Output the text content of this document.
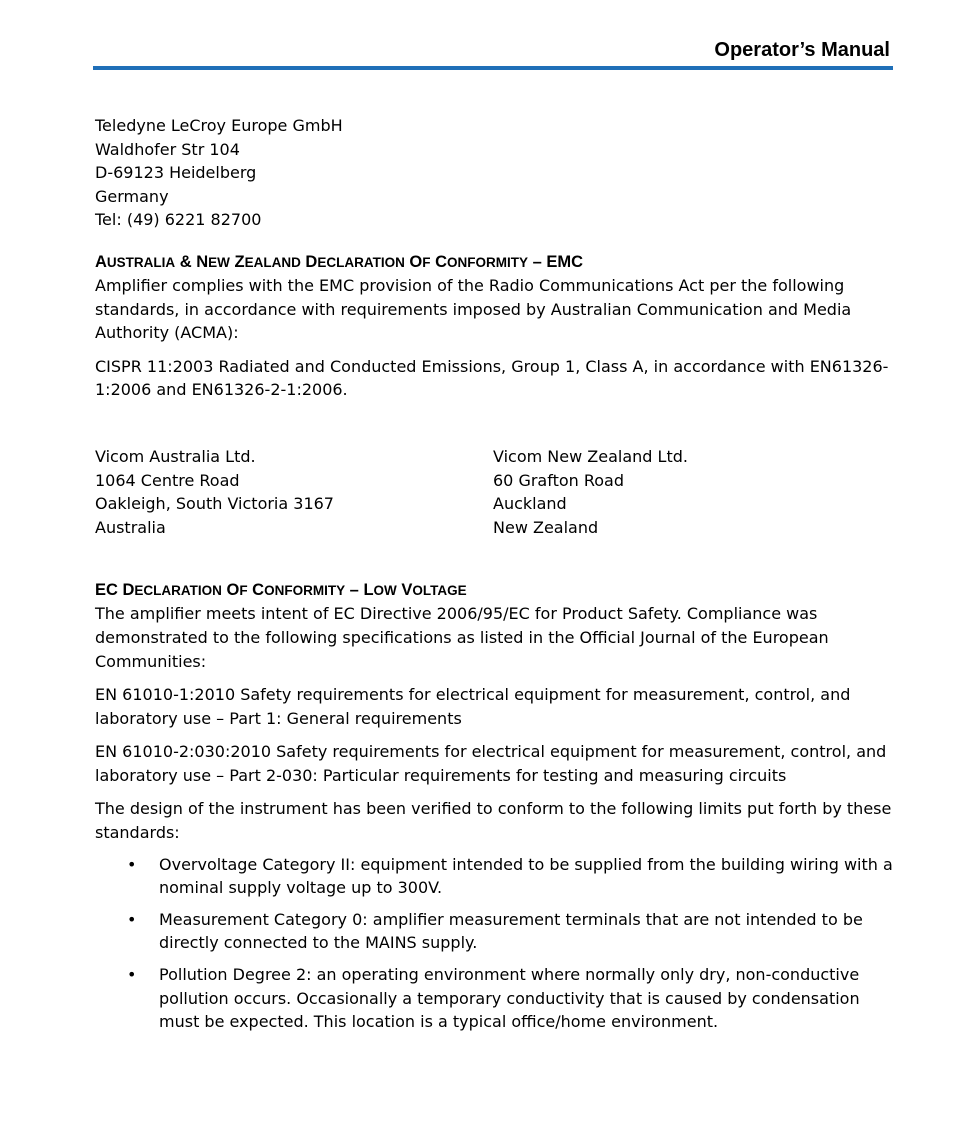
Operator’s Manual
Teledyne LeCroy Europe GmbH
Waldhofer Str 104
D-69123 Heidelberg
Germany
Tel: (49) 6221 82700
AUSTRALIA & NEW ZEALAND DECLARATION OF CONFORMITY – EMC

Amplifier complies with the EMC provision of the Radio Communications Act per the following standards, in accordance with requirements imposed by Australian Communication and Media Authority (ACMA):

CISPR 11:2003 Radiated and Conducted Emissions, Group 1, Class A, in accordance with EN61326-1:2006 and EN61326-2-1:2006.

Vicom Australia Ltd.
1064 Centre Road
Oakleigh, South Victoria 3167
Australia
Vicom New Zealand Ltd.
60 Grafton Road
Auckland
New Zealand
EC DECLARATION OF CONFORMITY – LOW VOLTAGE

The amplifier meets intent of EC Directive 2006/95/EC for Product Safety. Compliance was demonstrated to the following specifications as listed in the Official Journal of the European Communities:

EN 61010-1:2010 Safety requirements for electrical equipment for measurement, control, and laboratory use – Part 1: General requirements

EN 61010-2:030:2010 Safety requirements for electrical equipment for measurement, control, and laboratory use – Part 2-030: Particular requirements for testing and measuring circuits

The design of the instrument has been verified to conform to the following limits put forth by these standards:

• Overvoltage Category II: equipment intended to be supplied from the building wiring with a nominal supply voltage up to 300V.
• Measurement Category 0: amplifier measurement terminals that are not intended to be directly connected to the MAINS supply.
• Pollution Degree 2: an operating environment where normally only dry, non-conductive pollution occurs. Occasionally a temporary conductivity that is caused by condensation must be expected. This location is a typical office/home environment.
